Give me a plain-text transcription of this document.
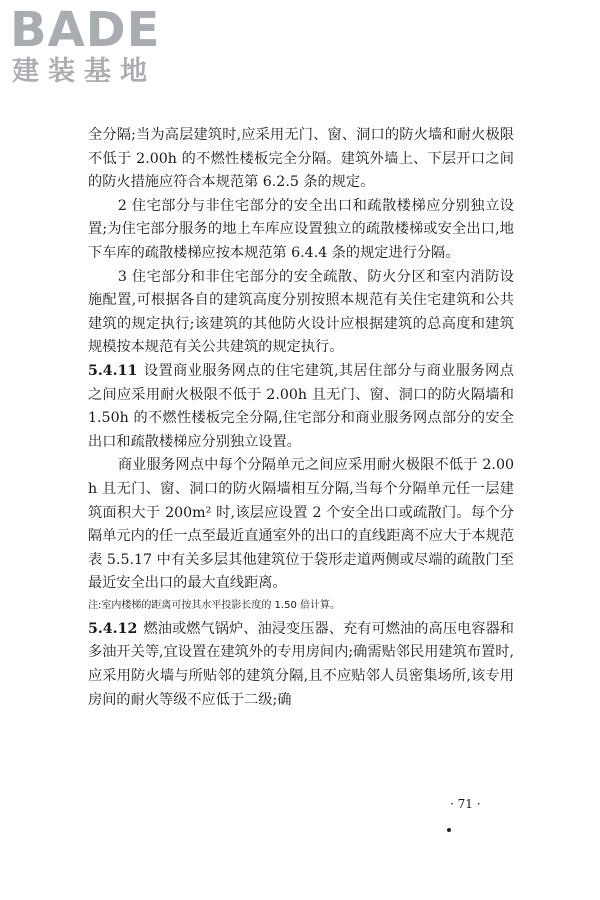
BADE
建装基地

全分隔;当为高层建筑时,应采用无门、窗、洞口的防火墙和耐火极限不低于 2.00h 的不燃性楼板完全分隔。建筑外墙上、下层开口之间的防火措施应符合本规范第 6.2.5 条的规定。

2 住宅部分与非住宅部分的安全出口和疏散楼梯应分别独立设置;为住宅部分服务的地上车库应设置独立的疏散楼梯或安全出口,地下车库的疏散楼梯应按本规范第 6.4.4 条的规定进行分隔。

3 住宅部分和非住宅部分的安全疏散、防火分区和室内消防设施配置,可根据各自的建筑高度分别按照本规范有关住宅建筑和公共建筑的规定执行;该建筑的其他防火设计应根据建筑的总高度和建筑规模按本规范有关公共建筑的规定执行。

5.4.11 设置商业服务网点的住宅建筑,其居住部分与商业服务网点之间应采用耐火极限不低于 2.00h 且无门、窗、洞口的防火隔墙和 1.50h 的不燃性楼板完全分隔,住宅部分和商业服务网点部分的安全出口和疏散楼梯应分别独立设置。

商业服务网点中每个分隔单元之间应采用耐火极限不低于 2.00h 且无门、窗、洞口的防火隔墙相互分隔,当每个分隔单元任一层建筑面积大于 200m² 时,该层应设置 2 个安全出口或疏散门。每个分隔单元内的任一点至最近直通室外的出口的直线距离不应大于本规范表 5.5.17 中有关多层其他建筑位于袋形走道两侧或尽端的疏散门至最近安全出口的最大直线距离。

注:室内楼梯的距离可按其水平投影长度的 1.50 倍计算。

5.4.12 燃油或燃气锅炉、油浸变压器、充有可燃油的高压电容器和多油开关等,宜设置在建筑外的专用房间内;确需贴邻民用建筑布置时,应采用防火墙与所贴邻的建筑分隔,且不应贴邻人员密集场所,该专用房间的耐火等级不应低于二级;确

· 71 ·
